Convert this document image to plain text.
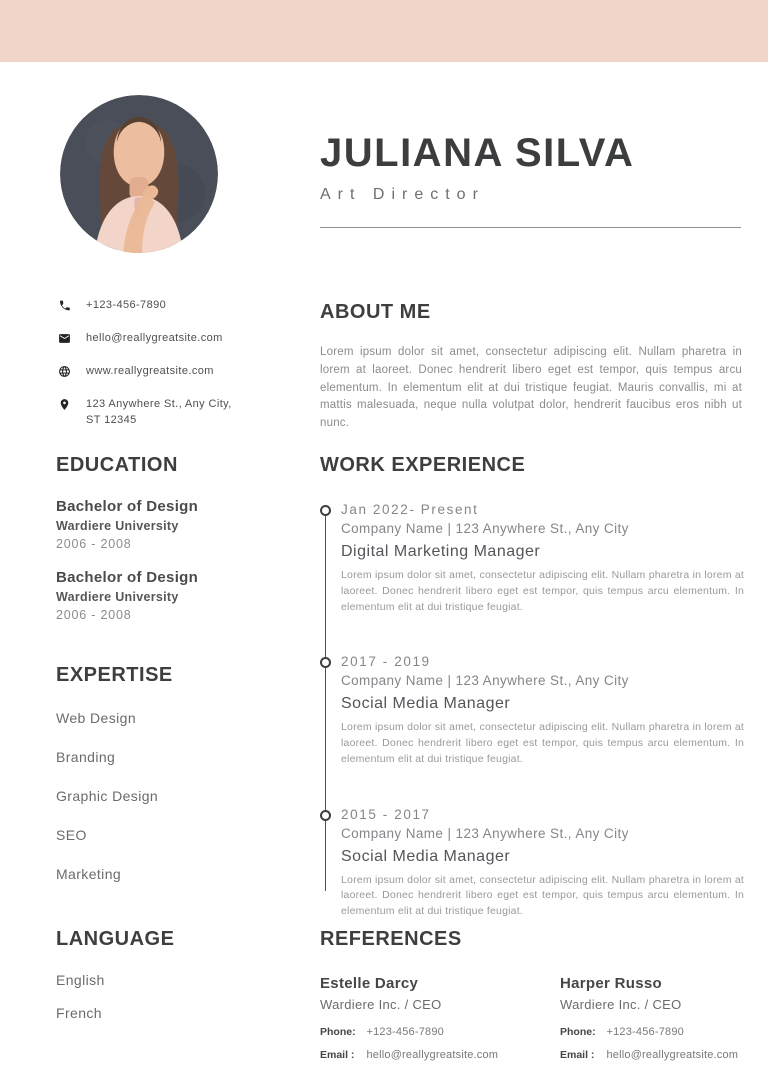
JULIANA SILVA
Art Director
+123-456-7890
hello@reallygreatsite.com
www.reallygreatsite.com
123 Anywhere St., Any City, ST 12345
ABOUT ME

Lorem ipsum dolor sit amet, consectetur adipiscing elit. Nullam pharetra in lorem at laoreet. Donec hendrerit libero eget est tempor, quis tempus arcu elementum. In elementum elit at dui tristique feugiat. Mauris convallis, mi at mattis malesuada, neque nulla volutpat dolor, hendrerit faucibus eros nibh ut nunc.

EDUCATION
Bachelor of Design
Wardiere University
2006 - 2008
Bachelor of Design
Wardiere University
2006 - 2008
WORK EXPERIENCE
Jan 2022- Present
Company Name | 123 Anywhere St., Any City
Digital Marketing Manager
Lorem ipsum dolor sit amet, consectetur adipiscing elit. Nullam pharetra in lorem at laoreet. Donec hendrerit libero eget est tempor, quis tempus arcu elementum. In elementum elit at dui tristique feugiat.
2017 - 2019
Company Name | 123 Anywhere St., Any City
Social Media Manager
Lorem ipsum dolor sit amet, consectetur adipiscing elit. Nullam pharetra in lorem at laoreet. Donec hendrerit libero eget est tempor, quis tempus arcu elementum. In elementum elit at dui tristique feugiat.
2015 - 2017
Company Name | 123 Anywhere St., Any City
Social Media Manager
Lorem ipsum dolor sit amet, consectetur adipiscing elit. Nullam pharetra in lorem at laoreet. Donec hendrerit libero eget est tempor, quis tempus arcu elementum. In elementum elit at dui tristique feugiat.
EXPERTISE
Web Design
Branding
Graphic Design
SEO
Marketing
LANGUAGE
English
French
REFERENCES
Estelle Darcy
Wardiere Inc. / CEO
Phone: +123-456-7890
Email : hello@reallygreatsite.com
Harper Russo
Wardiere Inc. / CEO
Phone: +123-456-7890
Email : hello@reallygreatsite.com
